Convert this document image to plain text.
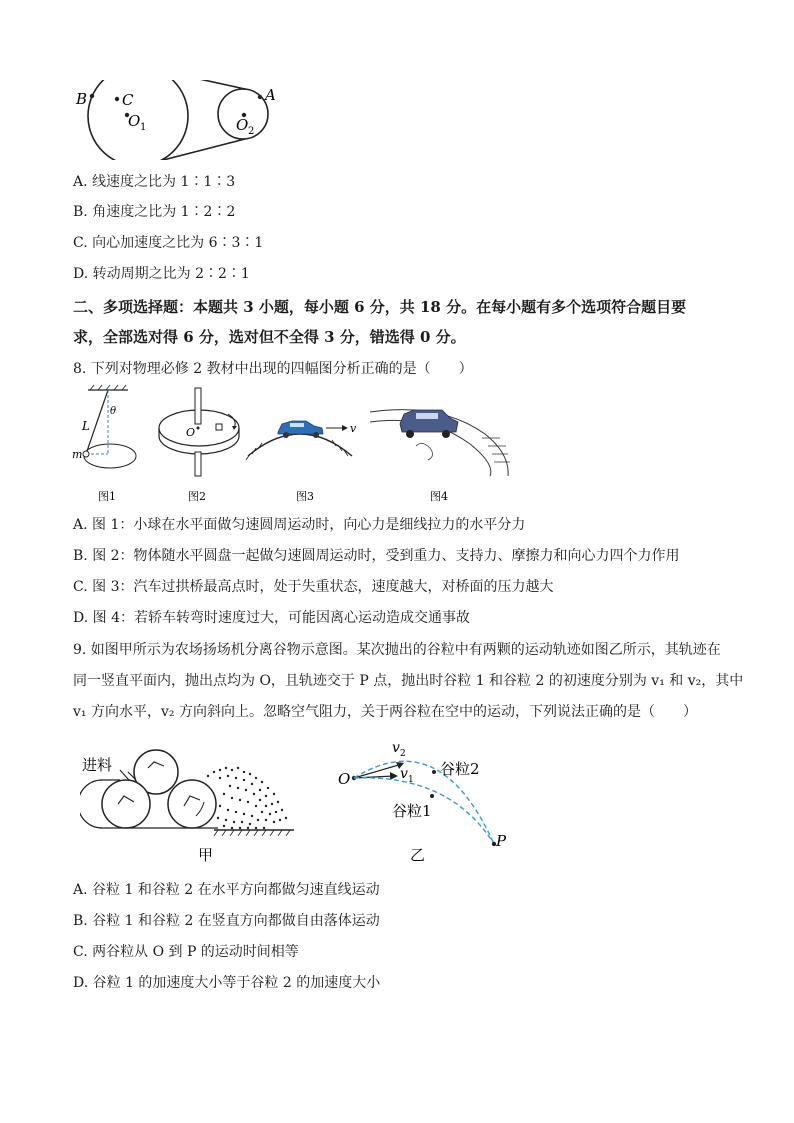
B C
O 1
A
O 2
A. 线速度之比为 1∶1∶3
B. 角速度之比为 1∶2∶2
C. 向心加速度之比为 6∶3∶1
D. 转动周期之比为 2∶2∶1
二、多项选择题：本题共 3 小题，每小题 6 分，共 18 分。在每小题有多个选项符合题目要
求，全部选对得 6 分，选对但不全得 3 分，错选得 0 分。
8. 下列对物理必修 2 教材中出现的四幅图分析正确的是（　　）
L
θ
m
O	v
图1	图2	图3	图4
A. 图 1：小球在水平面做匀速圆周运动时，向心力是细线拉力的水平分力
B. 图 2：物体随水平圆盘一起做匀速圆周运动时，受到重力、支持力、摩擦力和向心力四个力作用
C. 图 3：汽车过拱桥最高点时，处于失重状态，速度越大，对桥面的压力越大
D. 图 4：若轿车转弯时速度过大，可能因离心运动造成交通事故
9. 如图甲所示为农场扬场机分离谷物示意图。某次抛出的谷粒中有两颗的运动轨迹如图乙所示，其轨迹在
同一竖直平面内，抛出点均为 O，且轨迹交于 P 点，抛出时谷粒 1 和谷粒 2 的初速度分别为 v₁ 和 v₂，其中
v₁ 方向水平，v₂ 方向斜向上。忽略空气阻力，关于两谷粒在空中的运动，下列说法正确的是（　　）
进料
甲
O
v 2
v 1
谷粒2
谷粒1
P
乙
A. 谷粒 1 和谷粒 2 在水平方向都做匀速直线运动
B. 谷粒 1 和谷粒 2 在竖直方向都做自由落体运动
C. 两谷粒从 O 到 P 的运动时间相等
D. 谷粒 1 的加速度大小等于谷粒 2 的加速度大小
